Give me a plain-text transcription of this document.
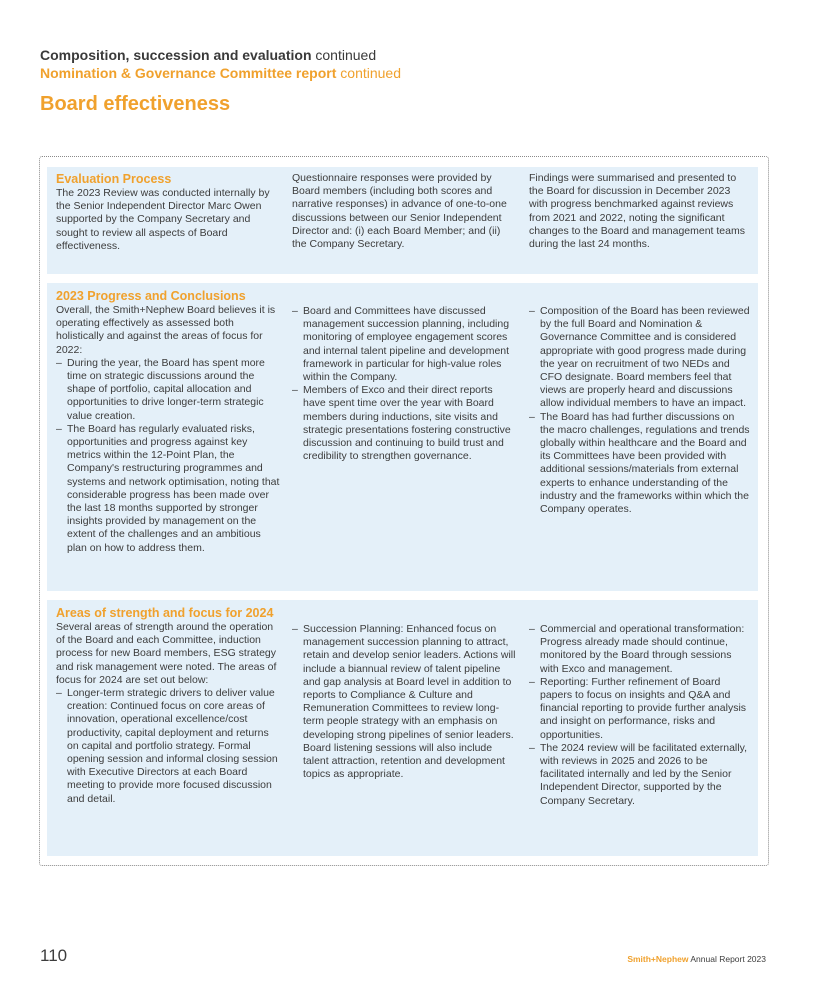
Composition, succession and evaluation continued
Nomination & Governance Committee report continued
Board effectiveness
Evaluation Process

The 2023 Review was conducted internally by the Senior Independent Director Marc Owen supported by the Company Secretary and sought to review all aspects of Board effectiveness.

Questionnaire responses were provided by Board members (including both scores and narrative responses) in advance of one-to-one discussions between our Senior Independent Director and: (i) each Board Member; and (ii) the Company Secretary.

Findings were summarised and presented to the Board for discussion in December 2023 with progress benchmarked against reviews from 2021 and 2022, noting the significant changes to the Board and management teams during the last 24 months.

2023 Progress and Conclusions

Overall, the Smith+Nephew Board believes it is operating effectively as assessed both holistically and against the areas of focus for 2022:

– During the year, the Board has spent more time on strategic discussions around the shape of portfolio, capital allocation and opportunities to drive longer-term strategic value creation.

– The Board has regularly evaluated risks, opportunities and progress against key metrics within the 12-Point Plan, the Company's restructuring programmes and systems and network optimisation, noting that considerable progress has been made over the last 18 months supported by stronger insights provided by management on the extent of the challenges and an ambitious plan on how to address them.

– Board and Committees have discussed management succession planning, including monitoring of employee engagement scores and internal talent pipeline and development framework in particular for high-value roles within the Company.

– Members of Exco and their direct reports have spent time over the year with Board members during inductions, site visits and strategic presentations fostering constructive discussion and continuing to build trust and credibility to strengthen governance.

– Composition of the Board has been reviewed by the full Board and Nomination & Governance Committee and is considered appropriate with good progress made during the year on recruitment of two NEDs and CFO designate. Board members feel that views are properly heard and discussions allow individual members to have an impact.

– The Board has had further discussions on the macro challenges, regulations and trends globally within healthcare and the Board and its Committees have been provided with additional sessions/materials from external experts to enhance understanding of the industry and the frameworks within which the Company operates.

Areas of strength and focus for 2024

Several areas of strength around the operation of the Board and each Committee, induction process for new Board members, ESG strategy and risk management were noted. The areas of focus for 2024 are set out below:

– Longer-term strategic drivers to deliver value creation: Continued focus on core areas of innovation, operational excellence/cost productivity, capital deployment and returns on capital and portfolio strategy. Formal opening session and informal closing session with Executive Directors at each Board meeting to provide more focused discussion and detail.

– Succession Planning: Enhanced focus on management succession planning to attract, retain and develop senior leaders. Actions will include a biannual review of talent pipeline and gap analysis at Board level in addition to reports to Compliance & Culture and Remuneration Committees to review long-term people strategy with an emphasis on developing strong pipelines of senior leaders. Board listening sessions will also include talent attraction, retention and development topics as appropriate.

– Commercial and operational transformation: Progress already made should continue, monitored by the Board through sessions with Exco and management.

– Reporting: Further refinement of Board papers to focus on insights and Q&A and financial reporting to provide further analysis and insight on performance, risks and opportunities.

– The 2024 review will be facilitated externally, with reviews in 2025 and 2026 to be facilitated internally and led by the Senior Independent Director, supported by the Company Secretary.

110	Smith+Nephew Annual Report 2023
